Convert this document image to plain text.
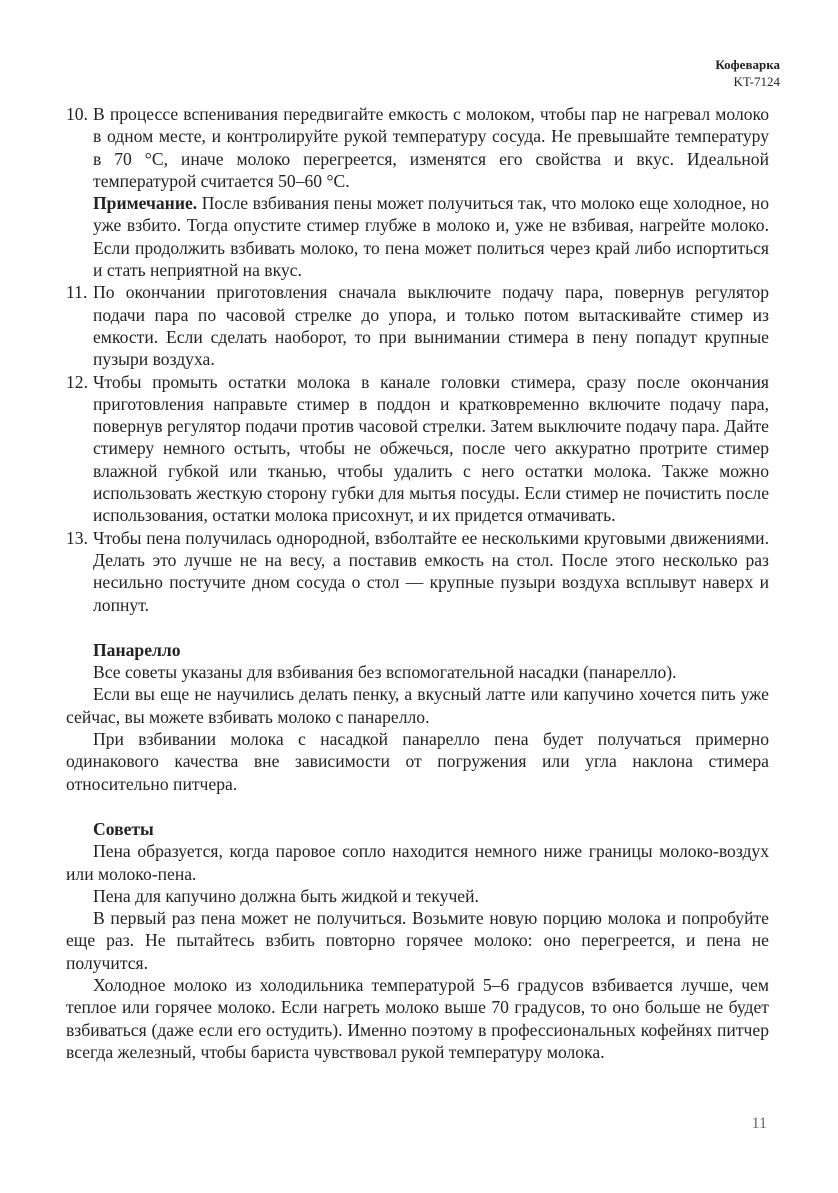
Кофеварка
KT-7124
10. В процессе вспенивания передвигайте емкость с молоком, чтобы пар не нагревал молоко в одном месте, и контролируйте рукой температуру сосуда. Не превышайте температуру в 70 °C, иначе молоко перегреется, изменятся его свойства и вкус. Идеальной температурой считается 50–60 °C.

Примечание. После взбивания пены может получиться так, что молоко еще холодное, но уже взбито. Тогда опустите стимер глубже в молоко и, уже не взбивая, нагрейте молоко. Если продолжить взбивать молоко, то пена может политься через край либо испортиться и стать неприятной на вкус.

11. По окончании приготовления сначала выключите подачу пара, повернув регулятор подачи пара по часовой стрелке до упора, и только потом вытаскивайте стимер из емкости. Если сделать наоборот, то при вынимании стимера в пену попадут крупные пузыри воздуха.

12. Чтобы промыть остатки молока в канале головки стимера, сразу после окончания приготовления направьте стимер в поддон и кратковременно включите подачу пара, повернув регулятор подачи против часовой стрелки. Затем выключите подачу пара. Дайте стимеру немного остыть, чтобы не обжечься, после чего аккуратно протрите стимер влажной губкой или тканью, чтобы удалить с него остатки молока. Также можно использовать жесткую сторону губки для мытья посуды. Если стимер не почистить после использования, остатки молока присохнут, и их придется отмачивать.

13. Чтобы пена получилась однородной, взболтайте ее несколькими круговыми движениями. Делать это лучше не на весу, а поставив емкость на стол. После этого несколько раз несильно постучите дном сосуда о стол — крупные пузыри воздуха всплывут наверх и лопнут.

Панарелло

Все советы указаны для взбивания без вспомогательной насадки (панарелло).

Если вы еще не научились делать пенку, а вкусный латте или капучино хочется пить уже сейчас, вы можете взбивать молоко с панарелло.

При взбивании молока с насадкой панарелло пена будет получаться примерно одинакового качества вне зависимости от погружения или угла наклона стимера относительно питчера.

Советы

Пена образуется, когда паровое сопло находится немного ниже границы молоко-воздух или молоко-пена.

Пена для капучино должна быть жидкой и текучей.

В первый раз пена может не получиться. Возьмите новую порцию молока и попробуйте еще раз. Не пытайтесь взбить повторно горячее молоко: оно перегреется, и пена не получится.

Холодное молоко из холодильника температурой 5–6 градусов взбивается лучше, чем теплое или горячее молоко. Если нагреть молоко выше 70 градусов, то оно больше не будет взбиваться (даже если его остудить). Именно поэтому в профессиональных кофейнях питчер всегда железный, чтобы бариста чувствовал рукой температуру молока.

11
